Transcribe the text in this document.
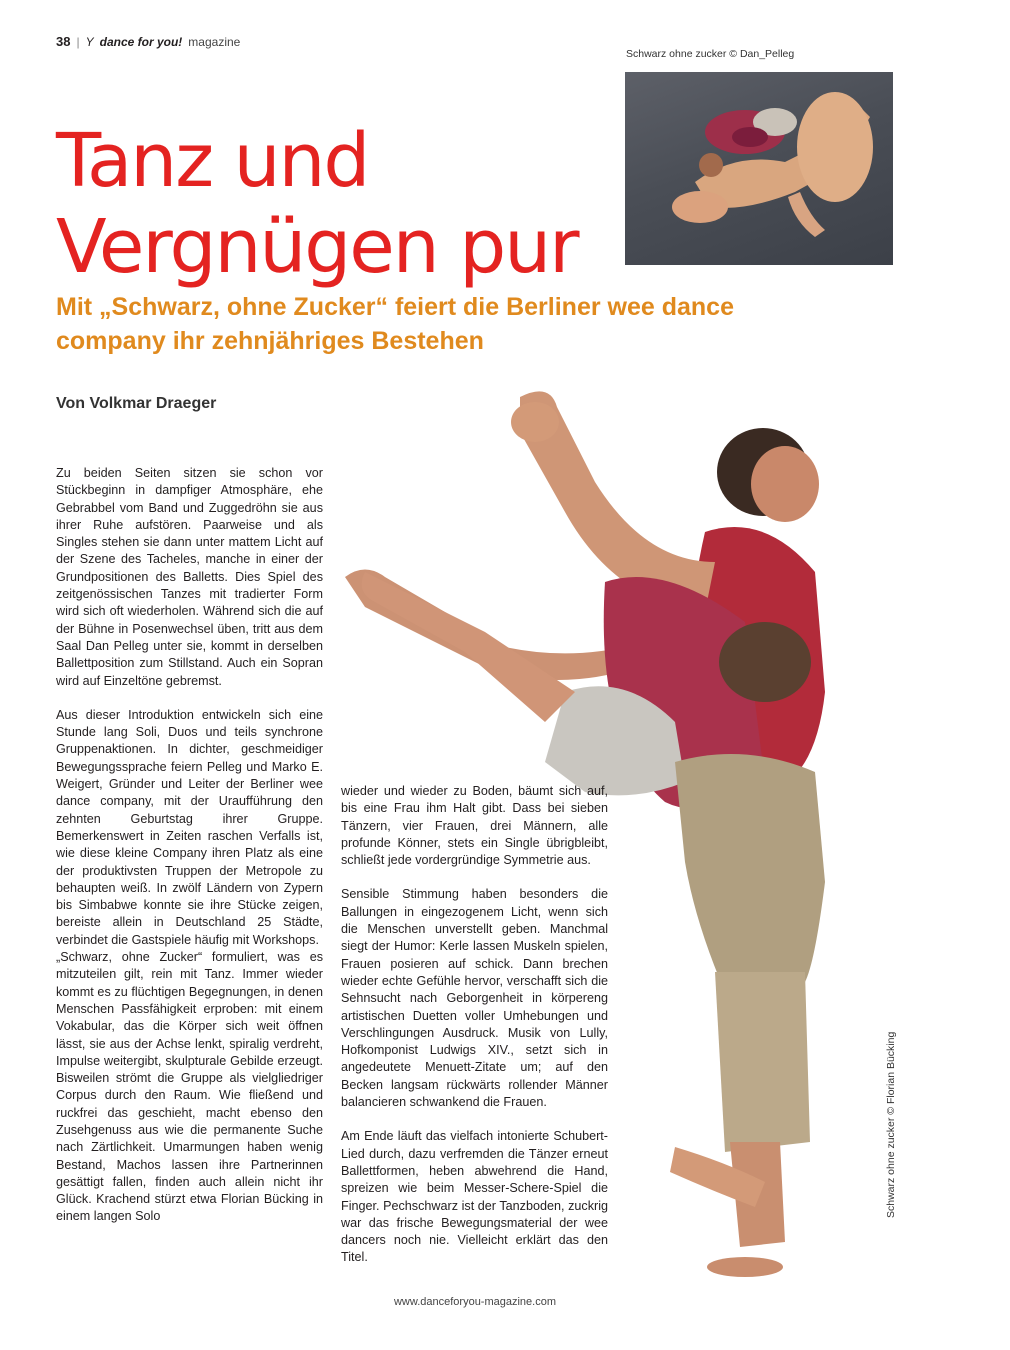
38 | Y dance for you! magazine
Schwarz ohne zucker © Dan_Pelleg
Tanz und
Vergnügen pur
Mit „Schwarz, ohne Zucker“ feiert die Berliner wee dance company ihr zehnjähriges Bestehen
Von Volkmar Draeger
Schwarz ohne zucker © Florian Bücking

Zu beiden Seiten sitzen sie schon vor Stückbeginn in dampfiger Atmosphäre, ehe Gebrabbel vom Band und Zuggedröhn sie aus ihrer Ruhe aufstören. Paarweise und als Singles stehen sie dann unter mattem Licht auf der Szene des Tacheles, manche in einer der Grundpositionen des Balletts. Dies Spiel des zeitgenössischen Tanzes mit tradierter Form wird sich oft wiederholen. Während sich die auf der Bühne in Posenwechsel üben, tritt aus dem Saal Dan Pelleg unter sie, kommt in derselben Ballettposition zum Stillstand. Auch ein Sopran wird auf Einzeltöne gebremst.

Aus dieser Introduktion entwickeln sich eine Stunde lang Soli, Duos und teils synchrone Gruppenaktionen. In dichter, geschmeidiger Bewegungssprache feiern Pelleg und Marko E. Weigert, Gründer und Leiter der Berliner wee dance company, mit der Uraufführung den zehnten Geburtstag ihrer Gruppe. Bemerkenswert in Zeiten raschen Verfalls ist, wie diese kleine Company ihren Platz als eine der produktivsten Truppen der Metropole zu behaupten weiß. In zwölf Ländern von Zypern bis Simbabwe konnte sie ihre Stücke zeigen, bereiste allein in Deutschland 25 Städte, verbindet die Gastspiele häufig mit Workshops.

„Schwarz, ohne Zucker“ formuliert, was es mitzuteilen gilt, rein mit Tanz. Immer wieder kommt es zu flüchtigen Begegnungen, in denen Menschen Passfähigkeit erproben: mit einem Vokabular, das die Körper sich weit öffnen lässt, sie aus der Achse lenkt, spiralig verdreht, Impulse weitergibt, skulpturale Gebilde erzeugt. Bisweilen strömt die Gruppe als vielgliedriger Corpus durch den Raum. Wie fließend und ruckfrei das geschieht, macht ebenso den Zusehgenuss aus wie die permanente Suche nach Zärtlichkeit. Umarmungen haben wenig Bestand, Machos lassen ihre Partnerinnen gesättigt fallen, finden auch allein nicht ihr Glück. Krachend stürzt etwa Florian Bücking in einem langen Solo

wieder und wieder zu Boden, bäumt sich auf, bis eine Frau ihm Halt gibt. Dass bei sieben Tänzern, vier Frauen, drei Männern, alle profunde Könner, stets ein Single übrigbleibt, schließt jede vordergründige Symmetrie aus.

Sensible Stimmung haben besonders die Ballungen in eingezogenem Licht, wenn sich die Menschen unverstellt geben. Manchmal siegt der Humor: Kerle lassen Muskeln spielen, Frauen posieren auf schick. Dann brechen wieder echte Gefühle hervor, verschafft sich die Sehnsucht nach Geborgenheit in körpereng artistischen Duetten voller Umhebungen und Verschlingungen Ausdruck. Musik von Lully, Hofkomponist Ludwigs XIV., setzt sich in angedeutete Menuett-Zitate um; auf den Becken langsam rückwärts rollender Männer balancieren schwankend die Frauen.

Am Ende läuft das vielfach intonierte Schubert-Lied durch, dazu verfremden die Tänzer erneut Ballettformen, heben abwehrend die Hand, spreizen wie beim Messer-Schere-Spiel die Finger. Pechschwarz ist der Tanzboden, zuckrig war das frische Bewegungsmaterial der wee dancers noch nie. Vielleicht erklärt das den Titel.

www.danceforyou-magazine.com
